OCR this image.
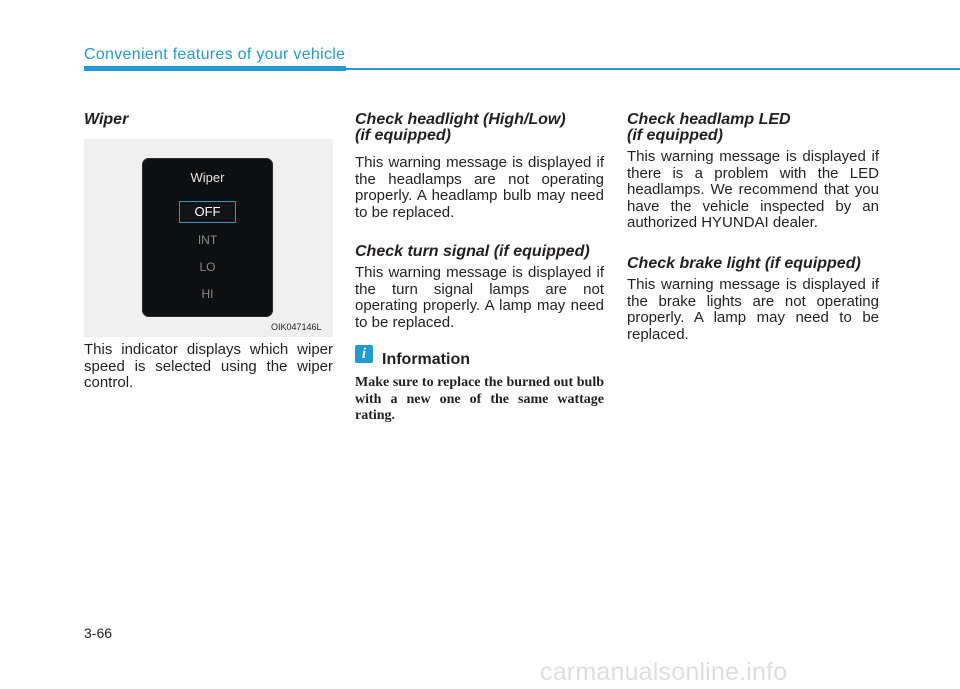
Convenient features of your vehicle
Wiper
Wiper
OFF
INT
LO
HI
OIK047146L
This indicator displays which wiper speed is selected using the wiper control.
Check headlight (High/Low)
(if equipped)
This warning message is displayed if the headlamps are not operating properly. A headlamp bulb may need to be replaced.
Check turn signal (if equipped)
This warning message is displayed if the turn signal lamps are not operating properly. A lamp may need to be replaced.
i Information
Make sure to replace the burned out bulb with a new one of the same wattage rating.
Check headlamp LED
(if equipped)
This warning message is displayed if there is a problem with the LED headlamps. We recommend that you have the vehicle inspected by an authorized HYUNDAI dealer.
Check brake light (if equipped)
This warning message is displayed if the brake lights are not operating properly. A lamp may need to be replaced.
3-66
carmanualsonline.info
